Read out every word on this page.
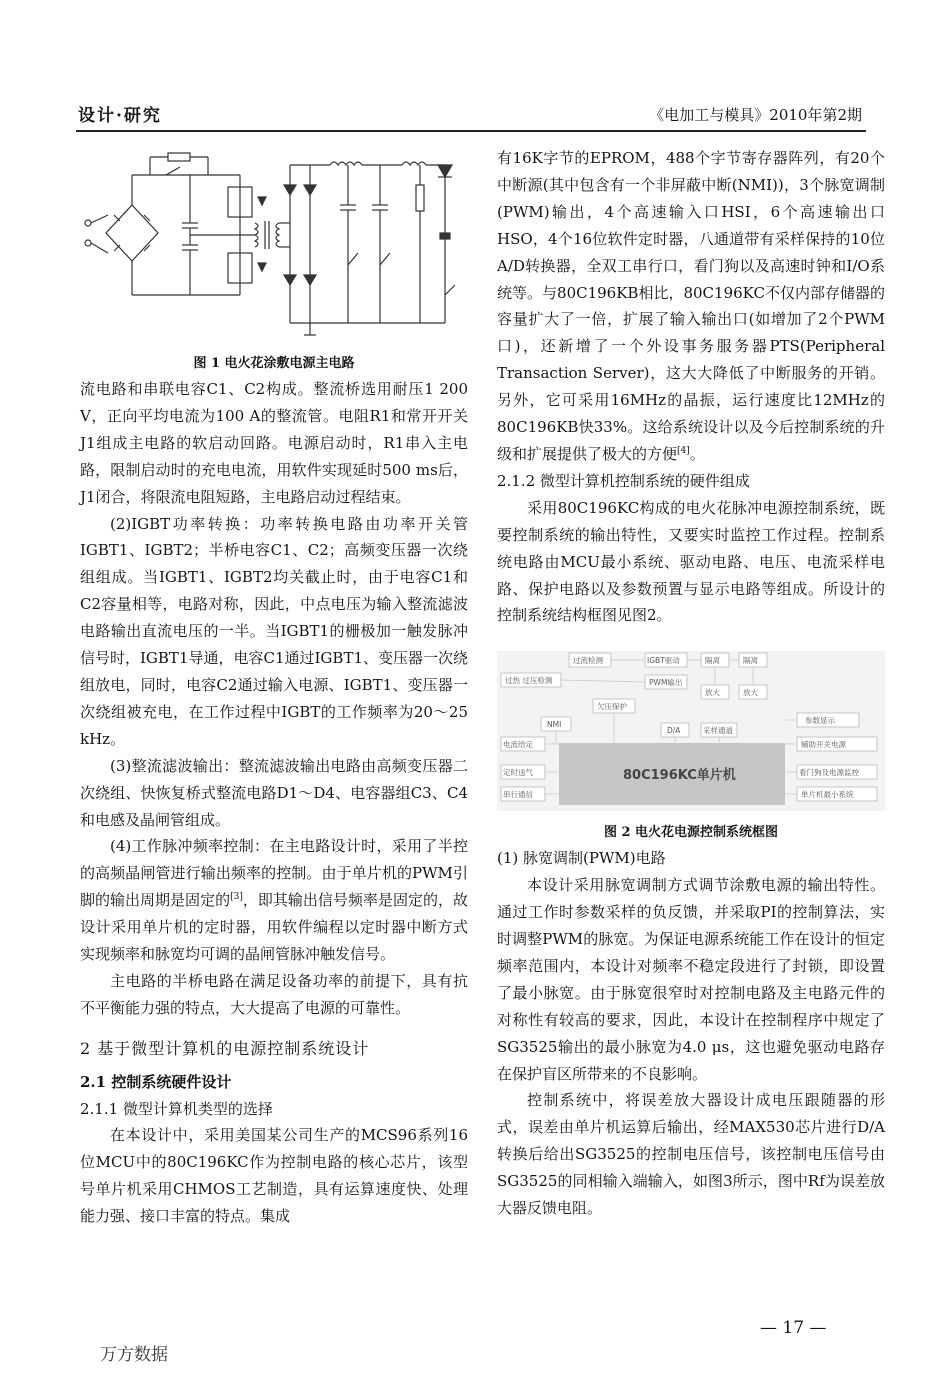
设计·研究	《电加工与模具》2010年第2期
图 1 电火花涂敷电源主电路

流电路和串联电容C1、C2构成。整流桥选用耐压1 200 V，正向平均电流为100 A的整流管。电阻R1和常开开关J1组成主电路的软启动回路。电源启动时，R1串入主电路，限制启动时的充电电流，用软件实现延时500 ms后，J1闭合，将限流电阻短路，主电路启动过程结束。

(2)IGBT功率转换：功率转换电路由功率开关管IGBT1、IGBT2；半桥电容C1、C2；高频变压器一次绕组组成。当IGBT1、IGBT2均关截止时，由于电容C1和C2容量相等，电路对称，因此，中点电压为输入整流滤波电路输出直流电压的一半。当IGBT1的栅极加一触发脉冲信号时，IGBT1导通，电容C1通过IGBT1、变压器一次绕组放电，同时，电容C2通过输入电源、IGBT1、变压器一次绕组被充电，在工作过程中IGBT的工作频率为20～25 kHz。

(3)整流滤波输出：整流滤波输出电路由高频变压器二次绕组、快恢复桥式整流电路D1～D4、电容器组C3、C4和电感及晶闸管组成。

(4)工作脉冲频率控制：在主电路设计时，采用了半控的高频晶闸管进行输出频率的控制。由于单片机的PWM引脚的输出周期是固定的[3]，即其输出信号频率是固定的，故设计采用单片机的定时器，用软件编程以定时器中断方式实现频率和脉宽均可调的晶闸管脉冲触发信号。

主电路的半桥电路在满足设备功率的前提下，具有抗不平衡能力强的特点，大大提高了电源的可靠性。

2 基于微型计算机的电源控制系统设计

2.1 控制系统硬件设计

2.1.1 微型计算机类型的选择

在本设计中，采用美国某公司生产的MCS96系列16位MCU中的80C196KC作为控制电路的核心芯片，该型号单片机采用CHMOS工艺制造，具有运算速度快、处理能力强、接口丰富的特点。集成

有16K字节的EPROM，488个字节寄存器阵列，有20个中断源(其中包含有一个非屏蔽中断(NMI))，3个脉宽调制(PWM)输出，4个高速输入口HSI，6个高速输出口HSO，4个16位软件定时器，八通道带有采样保持的10位A/D转换器，全双工串行口，看门狗以及高速时钟和I/O系统等。与80C196KB相比，80C196KC不仅内部存储器的容量扩大了一倍，扩展了输入输出口(如增加了2个PWM口)，还新增了一个外设事务服务器PTS(Peripheral Transaction Server)，这大大降低了中断服务的开销。另外，它可采用16MHz的晶振，运行速度比12MHz的80C196KB快33%。这给系统设计以及今后控制系统的升级和扩展提供了极大的方便[4]。

2.1.2 微型计算机控制系统的硬件组成

采用80C196KC构成的电火花脉冲电源控制系统，既要控制系统的输出特性，又要实时监控工作过程。控制系统电路由MCU最小系统、驱动电路、电压、电流采样电路、保护电路以及参数预置与显示电路等组成。所设计的控制系统结构框图见图2。

过流检测	IGBT驱动	隔离	隔离
过热 过压检测	PWM输出
放大	放大
欠压保护
NMI
D/A	采样通道
参数显示
电流给定	辅助开关电源
定时送气	看门狗及电源监控
串行通信	单片机最小系统
80C196KC单片机
图 2 电火花电源控制系统框图

(1) 脉宽调制(PWM)电路

本设计采用脉宽调制方式调节涂敷电源的输出特性。通过工作时参数采样的负反馈，并采取PI的控制算法，实时调整PWM的脉宽。为保证电源系统能工作在设计的恒定频率范围内，本设计对频率不稳定段进行了封锁，即设置了最小脉宽。由于脉宽很窄时对控制电路及主电路元件的对称性有较高的要求，因此，本设计在控制程序中规定了SG3525输出的最小脉宽为4.0 μs，这也避免驱动电路存在保护盲区所带来的不良影响。

控制系统中，将误差放大器设计成电压跟随器的形式，误差由单片机运算后输出，经MAX530芯片进行D/A转换后给出SG3525的控制电压信号，该控制电压信号由SG3525的同相输入端输入，如图3所示，图中Rf为误差放大器反馈电阻。

— 17 —
万方数据
